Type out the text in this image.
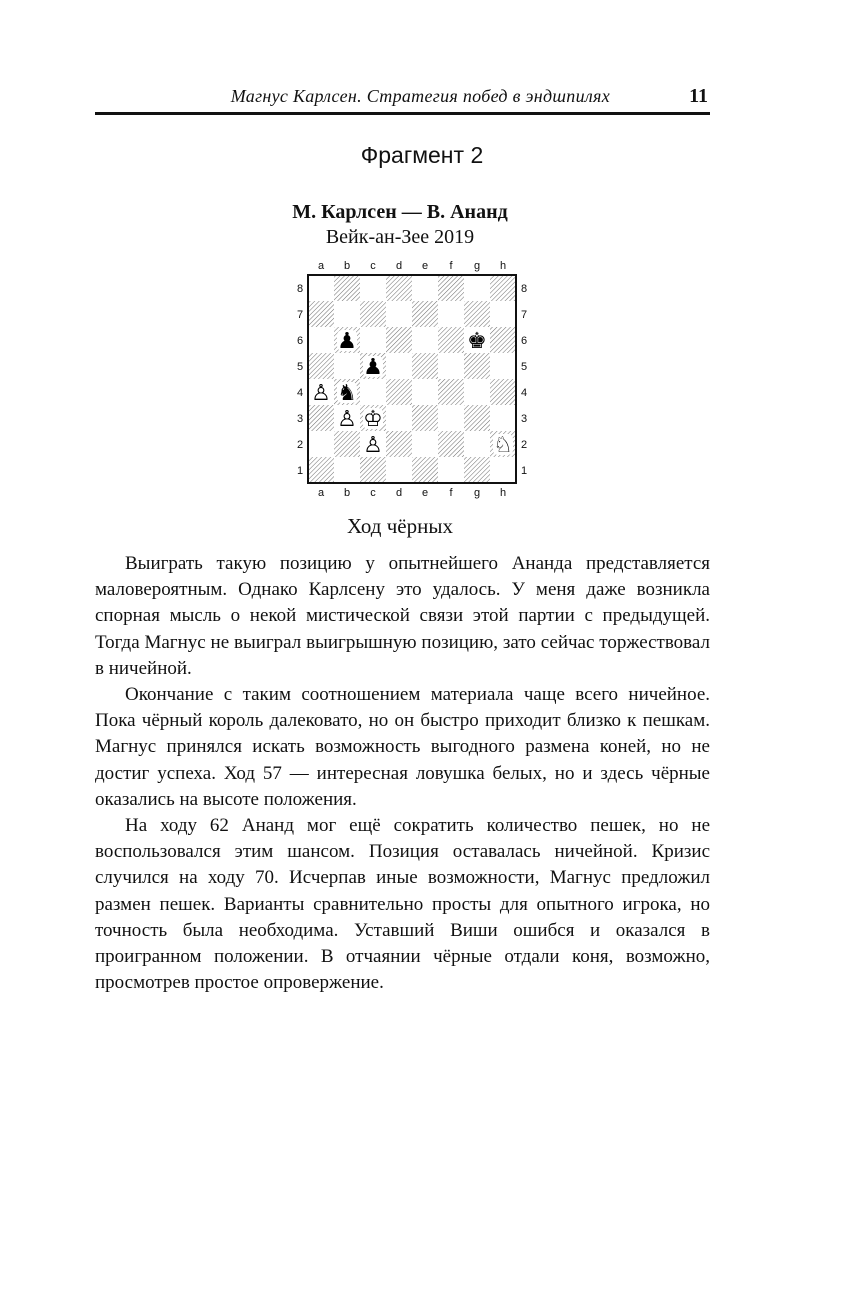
Магнус Карлсен. Стратегия побед в эндшпилях	11
Фрагмент 2
М. Карлсен — В. Ананд
Вейк-ан-Зее 2019
a
a
b
b
c
c
d
d
e
e
f
f
g
g
h
h
8	8
7	7
6	6
5	5
4	4
3	3
2	2
1	1
♟	♚
♟
♞
♙
♙ ♔
♙	♘
Ход чёрных

Выиграть такую позицию у опытнейшего Ананда представляется маловероятным. Однако Карлсену это удалось. У меня даже возникла спорная мысль о некой мистической связи этой партии с предыдущей. Тогда Магнус не выиграл выигрышную позицию, зато сейчас торжествовал в ничейной.

Окончание с таким соотношением материала чаще всего ничейное. Пока чёрный король далековато, но он быстро приходит близко к пешкам. Магнус принялся искать возможность выгодного размена коней, но не достиг успеха. Ход 57 — интересная ловушка белых, но и здесь чёрные оказались на высоте положения.

На ходу 62 Ананд мог ещё сократить количество пешек, но не воспользовался этим шансом. Позиция оставалась ничейной. Кризис случился на ходу 70. Исчерпав иные возможности, Магнус предложил размен пешек. Варианты сравнительно просты для опытного игрока, но точность была необходима. Уставший Виши ошибся и оказался в проигранном положении. В отчаянии чёрные отдали коня, возможно, просмотрев простое опровержение.
